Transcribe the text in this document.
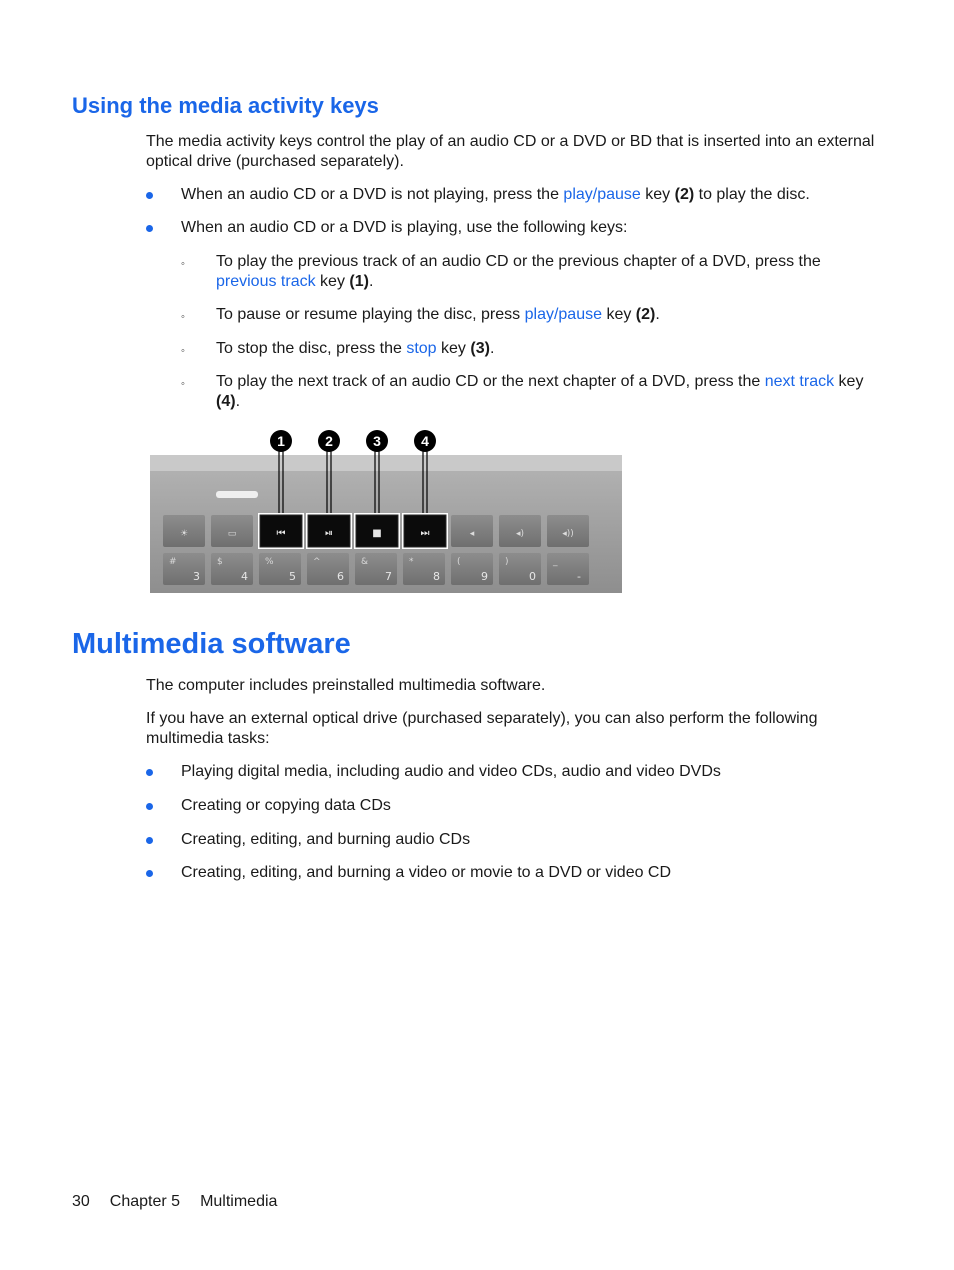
Using the media activity keys

The media activity keys control the play of an audio CD or a DVD or BD that is inserted into an external optical drive (purchased separately).

When an audio CD or a DVD is not playing, press the play/pause key (2) to play the disc.
When an audio CD or a DVD is playing, use the following keys:
◦ To play the previous track of an audio CD or the previous chapter of a DVD, press the previous track key (1).
◦ To pause or resume playing the disc, press play/pause key (2).
◦ To stop the disc, press the stop key (3).
◦ To play the next track of an audio CD or the next chapter of a DVD, press the next track key (4).
☀	▭	⏮	⏯	■	⏭	◂	◂)	◂))
#
3
$
4
%
5
^
6
&
7
*
8
(
9
)
0
_
-
1	2	3	4
Multimedia software

The computer includes preinstalled multimedia software.

If you have an external optical drive (purchased separately), you can also perform the following multimedia tasks:

Playing digital media, including audio and video CDs, audio and video DVDs
Creating or copying data CDs
Creating, editing, and burning audio CDs
Creating, editing, and burning a video or movie to a DVD or video CD
30 Chapter 5 Multimedia
